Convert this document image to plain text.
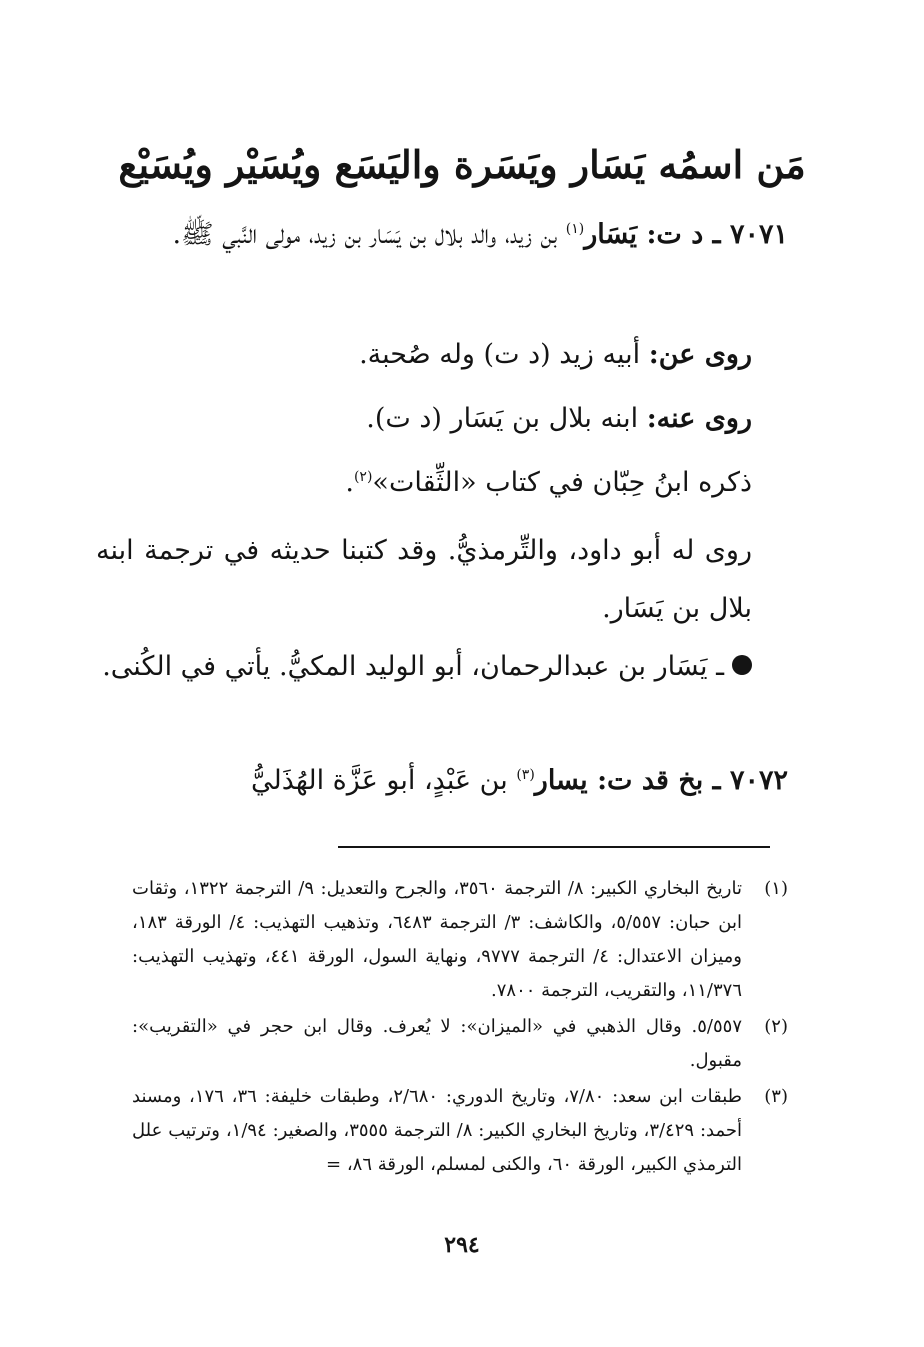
مَن اسمُه يَسَار ويَسَرة واليَسَع ويُسَيْر ويُسَيْع
٧٠٧١ ـ د ت: يَسَار$^{(١)}$ بن زيد، والد بلال بن يَسَار بن زيد، مولى النَّبي ﷺ.
روى عن: أبيه زيد (د ت) وله صُحبة.
روى عنه: ابنه بلال بن يَسَار (د ت).
ذكره ابنُ حِبّان في كتاب «الثِّقات»$^{(٢)}$.
روى له أبو داود، والتِّرمذيُّ. وقد كتبنا حديثه في ترجمة ابنه بلال بن يَسَار.
ـ يَسَار بن عبدالرحمان، أبو الوليد المكيُّ. يأتي في الكُنى.
٧٠٧٢ ـ بخ قد ت: يسار$^{(٣)}$ بن عَبْدٍ، أبو عَزَّة الهُذَليُّ
(١)
تاريخ البخاري الكبير: ٨/ الترجمة ٣٥٦٠، والجرح والتعديل: ٩/ الترجمة ١٣٢٢، وثقات ابن حبان: ٥/٥٥٧، والكاشف: ٣/ الترجمة ٦٤٨٣، وتذهيب التهذيب: ٤/ الورقة ١٨٣، وميزان الاعتدال: ٤/ الترجمة ٩٧٧٧، ونهاية السول، الورقة ٤٤١، وتهذيب التهذيب: ١١/٣٧٦، والتقريب، الترجمة ٧٨٠٠.
(٢)
٥/٥٥٧. وقال الذهبي في «الميزان»: لا يُعرف. وقال ابن حجر في «التقريب»: مقبول.
(٣)
طبقات ابن سعد: ٧/٨٠، وتاريخ الدوري: ٢/٦٨٠، وطبقات خليفة: ٣٦، ١٧٦، ومسند أحمد: ٣/٤٢٩، وتاريخ البخاري الكبير: ٨/ الترجمة ٣٥٥٥، والصغير: ١/٩٤، وترتيب علل الترمذي الكبير، الورقة ٦٠، والكنى لمسلم، الورقة ٨٦، =
٢٩٤
